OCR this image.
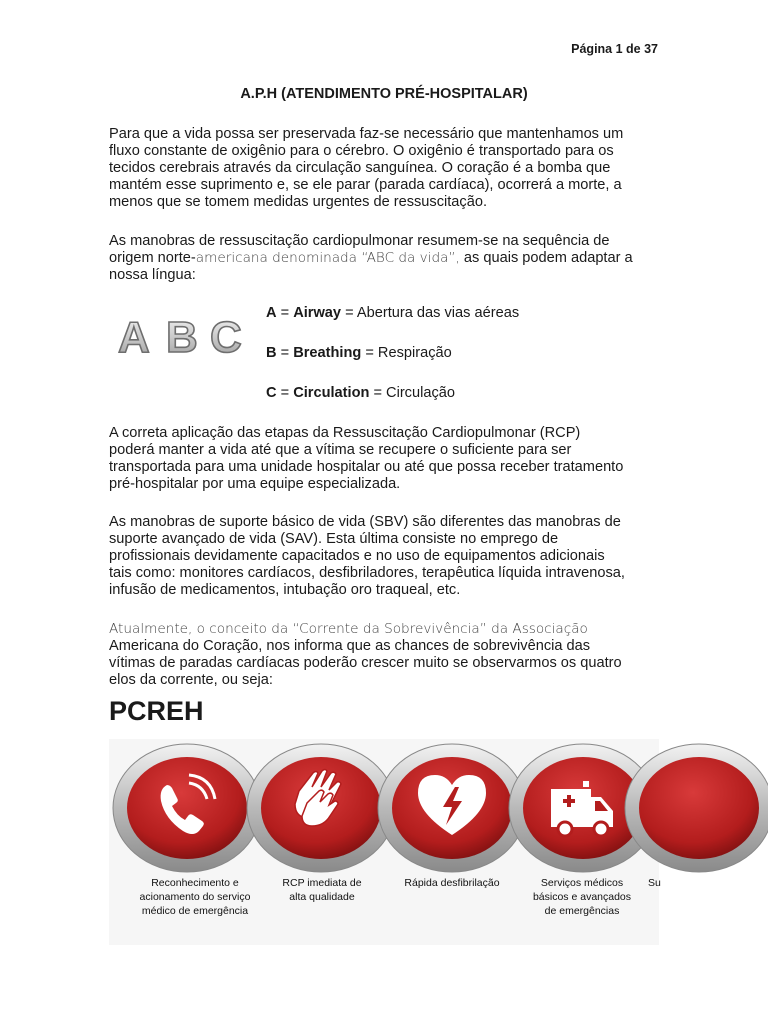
Página 1 de 37
A.P.H (ATENDIMENTO PRÉ-HOSPITALAR)

Para que a vida possa ser preservada faz-se necessário que mantenhamos um
fluxo constante de oxigênio para o cérebro. O oxigênio é transportado para os
tecidos cerebrais através da circulação sanguínea. O coração é a bomba que
mantém esse suprimento e, se ele parar (parada cardíaca), ocorrerá a morte, a
menos que se tomem medidas urgentes de ressuscitação.

As manobras de ressuscitação cardiopulmonar resumem-se na sequência de
origem norte-americana denominada “ABC da vida”, as quais podem adaptar a
nossa língua:

A B C A = Airway = Abertura das vias aéreas
B = Breathing = Respiração
C = Circulation = Circulação

A correta aplicação das etapas da Ressuscitação Cardiopulmonar (RCP)
poderá manter a vida até que a vítima se recupere o suficiente para ser
transportada para uma unidade hospitalar ou até que possa receber tratamento
pré-hospitalar por uma equipe especializada.

As manobras de suporte básico de vida (SBV) são diferentes das manobras de
suporte avançado de vida (SAV). Esta última consiste no emprego de
profissionais devidamente capacitados e no uso de equipamentos adicionais
tais como: monitores cardíacos, desfibriladores, terapêutica líquida intravenosa,
infusão de medicamentos, intubação oro traqueal, etc.

Atualmente, o conceito da “Corrente da Sobrevivência” da Associação
Americana do Coração, nos informa que as chances de sobrevivência das
vítimas de paradas cardíacas poderão crescer muito se observarmos os quatro
elos da corrente, ou seja:

PCREH
Reconhecimento e
acionamento do serviço
médico de emergência
RCP imediata de
alta qualidade
Rápida desfibrilação	Serviços médicos
básicos e avançados
de emergências
Su
